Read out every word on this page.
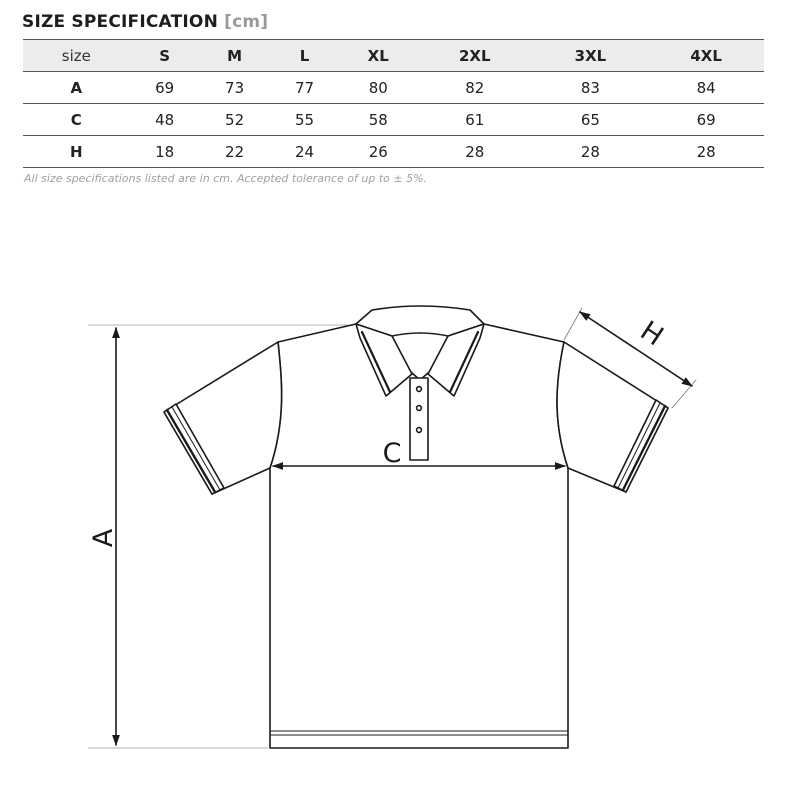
SIZE SPECIFICATION [cm]
size	S	M	L	XL	2XL	3XL	4XL
A	69	73	77	80	82	83	84
C	48	52	55	58	61	65	69
H	18	22	24	26	28	28	28
All size specifications listed are in cm. Accepted tolerance of up to ± 5%.
A
C
H
